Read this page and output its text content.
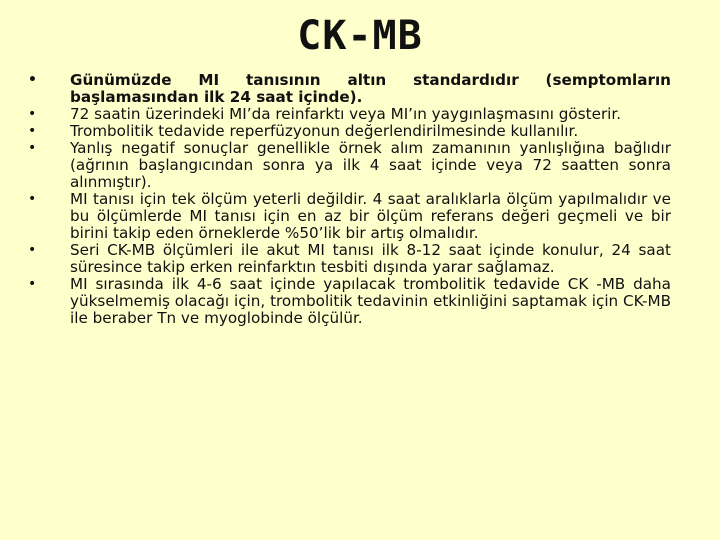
CK-MB
• Günümüzde MI tanısının altın standardıdır (semptomların başlamasından ilk 24 saat içinde).
• 72 saatin üzerindeki MI’da reinfarktı veya MI’ın yaygınlaşmasını gösterir.
• Trombolitik tedavide reperfüzyonun değerlendirilmesinde kullanılır.
• Yanlış negatif sonuçlar genellikle örnek alım zamanının yanlışlığına bağlıdır (ağrının başlangıcından sonra ya ilk 4 saat içinde veya 72 saatten sonra alınmıştır).
• MI tanısı için tek ölçüm yeterli değildir. 4 saat aralıklarla ölçüm yapılmalıdır ve bu ölçümlerde MI tanısı için en az bir ölçüm referans değeri geçmeli ve bir birini takip eden örneklerde %50’lik bir artış olmalıdır.
• Seri CK-MB ölçümleri ile akut MI tanısı ilk 8-12 saat içinde konulur, 24 saat süresince takip erken reinfarktın tesbiti dışında yarar sağlamaz.
• MI sırasında ilk 4-6 saat içinde yapılacak trombolitik tedavide CK -MB daha yükselmemiş olacağı için, trombolitik tedavinin etkinliğini saptamak için CK-MB ile beraber Tn ve myoglobinde ölçülür.
